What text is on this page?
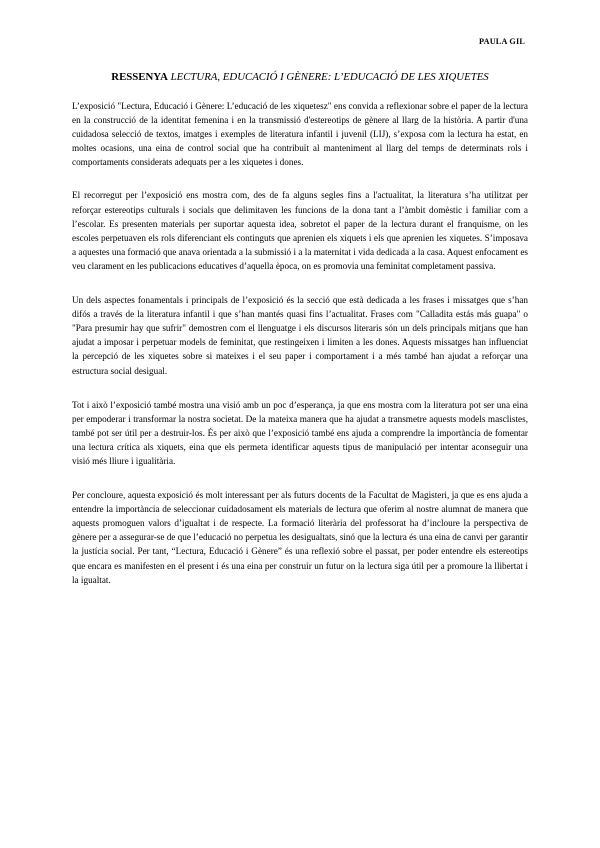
PAULA GIL
RESSENYA LECTURA, EDUCACIÓ I GÈNERE: L’EDUCACIÓ DE LES XIQUETES

L’exposició "Lectura, Educació i Gènere: L’educació de les xiquetesz" ens convida a reflexionar sobre el paper de la lectura en la construcció de la identitat femenina i en la transmissió d'estereotips de gènere al llarg de la història. A partir d'una cuidadosa selecció de textos, imatges i exemples de literatura infantil i juvenil (LIJ), s’exposa com la lectura ha estat, en moltes ocasions, una eina de control social que ha contribuït al manteniment al llarg del temps de determinats rols i comportaments considerats adequats per a les xiquetes i dones.

El recorregut per l’exposició ens mostra com, des de fa alguns segles fins a l'actualitat, la literatura s’ha utilitzat per reforçar estereotips culturals i socials que delimitaven les funcions de la dona tant a l’àmbit domèstic i familiar com a l’escolar. Es presenten materials per suportar aquesta idea, sobretot el paper de la lectura durant el franquisme, on les escoles perpetuaven els rols diferenciant els continguts que aprenien els xiquets i els que aprenien les xiquetes. S’imposava a aquestes una formació que anava orientada a la submissió i a la maternitat i vida dedicada a la casa. Aquest enfocament es veu clarament en les publicacions educatives d’aquella època, on es promovia una feminitat completament passiva.

Un dels aspectes fonamentals i principals de l’exposició és la secció que està dedicada a les frases i missatges que s’han difós a través de la literatura infantil i que s’han mantés quasi fins l’actualitat. Frases com "Calladita estás más guapa" o "Para presumir hay que sufrir" demostren com el llenguatge i els discursos literaris són un dels principals mitjans que han ajudat a imposar i perpetuar models de feminitat, que restingeixen i limiten a les dones. Aquests missatges han influenciat la percepció de les xiquetes sobre si mateixes i el seu paper i comportament i a més també han ajudat a reforçar una estructura social desigual.

Tot i això l’exposició també mostra una visió amb un poc d’esperança, ja que ens mostra com la literatura pot ser una eina per empoderar i transformar la nostra societat. De la mateixa manera que ha ajudat a transmetre aquests models masclistes, també pot ser útil per a destruir-los. És per això que l’exposició també ens ajuda a comprendre la importància de fomentar una lectura crítica als xiquets, eina que els permeta identificar aquests tipus de manipulació per intentar aconseguir una visió més lliure i igualitària.

Per concloure, aquesta exposició és molt interessant per als futurs docents de la Facultat de Magisteri, ja que es ens ajuda a entendre la importància de seleccionar cuidadosament els materials de lectura que oferim al nostre alumnat de manera que aquests promoguen valors d’igualtat i de respecte. La formació literària del professorat ha d’incloure la perspectiva de gènere per a assegurar-se de que l’educació no perpetua les desigualtats, sinó que la lectura és una eina de canvi per garantir la justícia social. Per tant, “Lectura, Educació i Gènere” és una reflexió sobre el passat, per poder entendre els estereotips que encara es manifesten en el present i és una eina per construir un futur on la lectura siga útil per a promoure la llibertat i la igualtat.
